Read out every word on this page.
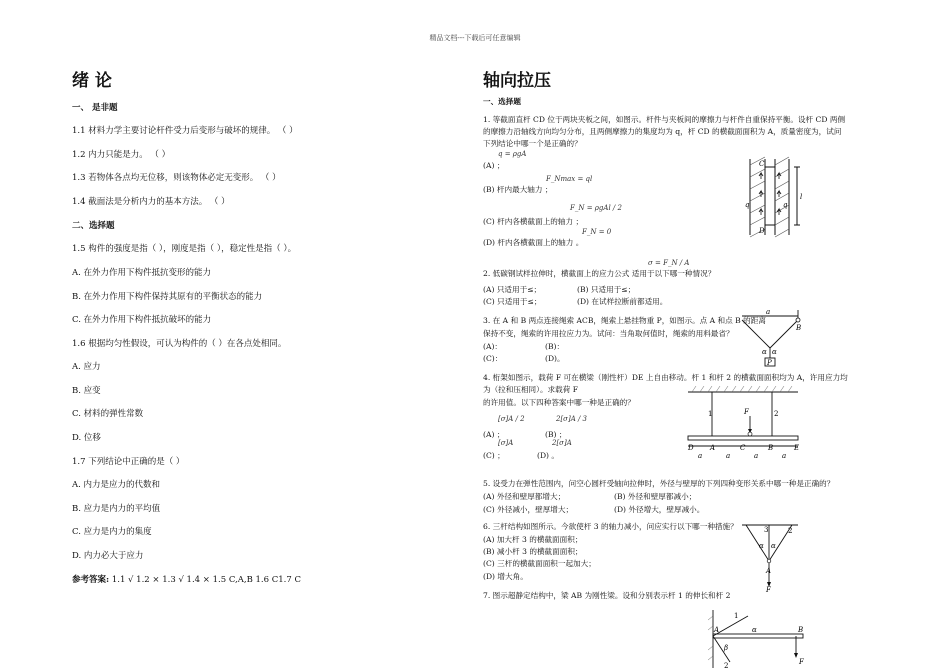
精品文档---下载后可任意编辑
绪 论
一、 是非题
1.1 材料力学主要讨论杆件受力后变形与破坏的规律。 （ ）
1.2 内力只能是力。 （ ）
1.3 若物体各点均无位移，则该物体必定无变形。 （ ）
1.4 截面法是分析内力的基本方法。 （ ）
二、选择题
1.5 构件的强度是指（ ），刚度是指（ ），稳定性是指（ ）。
A. 在外力作用下构件抵抗变形的能力
B. 在外力作用下构件保持其原有的平衡状态的能力
C. 在外力作用下构件抵抗破坏的能力
1.6 根据均匀性假设，可认为构件的（ ）在各点处相同。
A. 应力
B. 应变
C. 材料的弹性常数
D. 位移
1.7 下列结论中正确的是（ ）
A. 内力是应力的代数和
B. 应力是内力的平均值
C. 应力是内力的集度
D. 内力必大于应力
参考答案: 1.1 √ 1.2 × 1.3 √ 1.4 × 1.5 C,A,B 1.6 C1.7 C
轴向拉压
一、选择题
1. 等截面直杆 CD 位于两块夹板之间，如图示。杆件与夹板间的摩擦力与杆件自重保持平衡。设杆 CD 两侧
的摩擦力沿轴线方向均匀分布，且两侧摩擦力的集度均为 q，杆 CD 的横截面面积为 A，质量密度为，试问
下列结论中哪一个是正确的？
q = ρgA
(A) ；
F_Nmax = ql
(B) 杆内最大轴力 ；
F_N = ρgAl / 2
(C) 杆内各横截面上的轴力 ；
F_N = 0
(D) 杆内各横截面上的轴力 。
σ = F_N / A
2. 低碳钢试样拉伸时，横截面上的应力公式 适用于以下哪一种情况？
(A) 只适用于≤；	(B) 只适用于≤；
(C) 只适用于≤；	(D) 在试样拉断前都适用。
3. 在 A 和 B 两点连接绳索 ACB，绳索上悬挂物重 P，如图示。点 A 和点 B 的距离
保持不变，绳索的许用拉应力为。试问：当角取何值时，绳索的用料最省？
(A)：	(B)：
(C)：	(D)。
4. 桁架如图示，载荷 F 可在横梁（刚性杆）DE 上自由移动。杆 1 和杆 2 的横截面面积均为 A，许用应力均
为（拉和压相同）。求载荷 F
的许用值。以下四种答案中哪一种是正确的？
[σ]A / 2	2[σ]A / 3
(A) ；	(B) ；
[σ]A	2[σ]A
(C) ；	(D) 。
5. 设受力在弹性范围内，问空心圆杆受轴向拉伸时，外径与壁厚的下列四种变形关系中哪一种是正确的？
(A) 外径和壁厚都增大；	(B) 外径和壁厚都减小；
(C) 外径减小，壁厚增大；	(D) 外径增大，壁厚减小。
6. 三杆结构如图所示。今欲使杆 3 的轴力减小，问应实行以下哪一种措施？
(A) 加大杆 3 的横截面面积；
(B) 减小杆 3 的横截面面积；
(C) 三杆的横截面面积一起加大；
(D) 增大角。
7. 图示超静定结构中，梁 AB 为刚性梁。设和分别表示杆 1 的伸长和杆 2
C
D
q	q
l
a
B
α α
P
1	2
F
D A	C	B	E
a	a	a	a
3	2
α α
A
F
1
2
A	B
α
β
F
